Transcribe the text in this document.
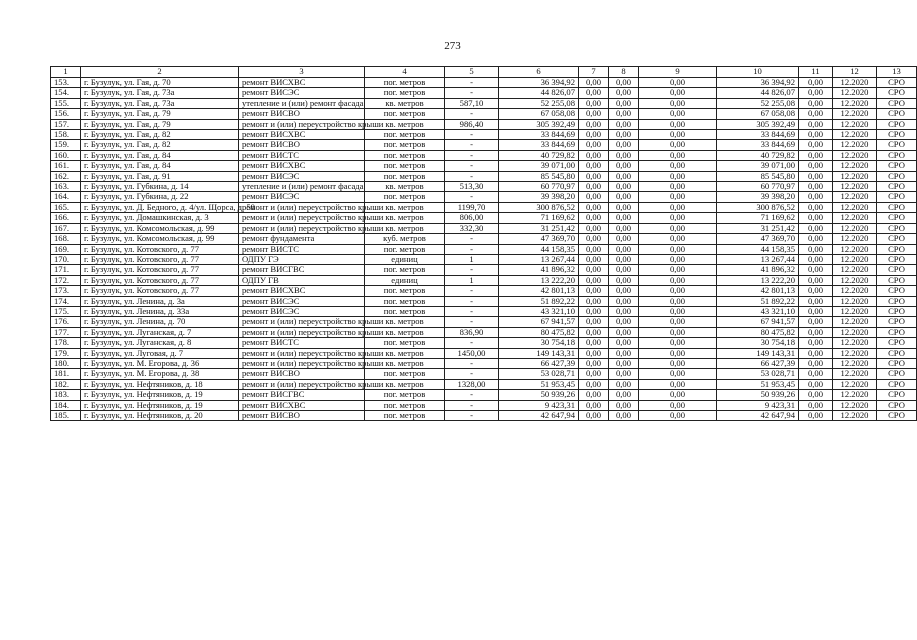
273
1	2	3	4	5	6	7	8	9	10	11	12	13
153.	г. Бузулук, ул. Гая, д. 70	ремонт ВИСХВС	пог. метров	-	36 394,92	0,00	0,00	0,00	36 394,92	0,00	12.2020	СРО
154.	г. Бузулук, ул. Гая, д. 73а	ремонт ВИСЭС	пог. метров	-	44 826,07	0,00	0,00	0,00	44 826,07	0,00	12.2020	СРО
155.	г. Бузулук, ул. Гая, д. 73а	утепление и (или) ремонт фасада	кв. метров	587,10	52 255,08	0,00	0,00	0,00	52 255,08	0,00	12.2020	СРО
156.	г. Бузулук, ул. Гая, д. 79	ремонт ВИСВО	пог. метров	-	67 058,08	0,00	0,00	0,00	67 058,08	0,00	12.2020	СРО
157.	г. Бузулук, ул. Гая, д. 79	ремонт и (или) переустройство крыши	кв. метров	986,40	305 392,49	0,00	0,00	0,00	305 392,49	0,00	12.2020	СРО
158.	г. Бузулук, ул. Гая, д. 82	ремонт ВИСХВС	пог. метров	-	33 844,69	0,00	0,00	0,00	33 844,69	0,00	12.2020	СРО
159.	г. Бузулук, ул. Гая, д. 82	ремонт ВИСВО	пог. метров	-	33 844,69	0,00	0,00	0,00	33 844,69	0,00	12.2020	СРО
160.	г. Бузулук, ул. Гая, д. 84	ремонт ВИСТС	пог. метров	-	40 729,82	0,00	0,00	0,00	40 729,82	0,00	12.2020	СРО
161.	г. Бузулук, ул. Гая, д. 84	ремонт ВИСХВС	пог. метров	-	39 071,00	0,00	0,00	0,00	39 071,00	0,00	12.2020	СРО
162.	г. Бузулук, ул. Гая, д. 91	ремонт ВИСЭС	пог. метров	-	85 545,80	0,00	0,00	0,00	85 545,80	0,00	12.2020	СРО
163.	г. Бузулук, ул. Губкина, д. 14	утепление и (или) ремонт фасада	кв. метров	513,30	60 770,97	0,00	0,00	0,00	60 770,97	0,00	12.2020	СРО
164.	г. Бузулук, ул. Губкина, д. 22	ремонт ВИСЭС	пог. метров	-	39 398,20	0,00	0,00	0,00	39 398,20	0,00	12.2020	СРО
165.	г. Бузулук, ул. Д. Бедного, д. 4/ул. Щорса, д. 58	ремонт и (или) переустройство крыши	кв. метров	1199,70	300 876,52	0,00	0,00	0,00	300 876,52	0,00	12.2020	СРО
166.	г. Бузулук, ул. Домашкинская, д. 3	ремонт и (или) переустройство крыши	кв. метров	806,00	71 169,62	0,00	0,00	0,00	71 169,62	0,00	12.2020	СРО
167.	г. Бузулук, ул. Комсомольская, д. 99	ремонт и (или) переустройство крыши	кв. метров	332,30	31 251,42	0,00	0,00	0,00	31 251,42	0,00	12.2020	СРО
168.	г. Бузулук, ул. Комсомольская, д. 99	ремонт фундамента	куб. метров	-	47 369,70	0,00	0,00	0,00	47 369,70	0,00	12.2020	СРО
169.	г. Бузулук, ул. Котовского, д. 77	ремонт ВИСТС	пог. метров	-	44 158,35	0,00	0,00	0,00	44 158,35	0,00	12.2020	СРО
170.	г. Бузулук, ул. Котовского, д. 77	ОДПУ ГЭ	единиц	1	13 267,44	0,00	0,00	0,00	13 267,44	0,00	12.2020	СРО
171.	г. Бузулук, ул. Котовского, д. 77	ремонт ВИСГВС	пог. метров	-	41 896,32	0,00	0,00	0,00	41 896,32	0,00	12.2020	СРО
172.	г. Бузулук, ул. Котовского, д. 77	ОДПУ ГВ	единиц	1	13 222,20	0,00	0,00	0,00	13 222,20	0,00	12.2020	СРО
173.	г. Бузулук, ул. Котовского, д. 77	ремонт ВИСХВС	пог. метров	-	42 801,13	0,00	0,00	0,00	42 801,13	0,00	12.2020	СРО
174.	г. Бузулук, ул. Ленина, д. 3а	ремонт ВИСЭС	пог. метров	-	51 892,22	0,00	0,00	0,00	51 892,22	0,00	12.2020	СРО
175.	г. Бузулук, ул. Ленина, д. 33а	ремонт ВИСЭС	пог. метров	-	43 321,10	0,00	0,00	0,00	43 321,10	0,00	12.2020	СРО
176.	г. Бузулук, ул. Ленина, д. 70	ремонт и (или) переустройство крыши	кв. метров	-	67 941,57	0,00	0,00	0,00	67 941,57	0,00	12.2020	СРО
177.	г. Бузулук, ул. Луганская, д. 7	ремонт и (или) переустройство крыши	кв. метров	836,90	80 475,82	0,00	0,00	0,00	80 475,82	0,00	12.2020	СРО
178.	г. Бузулук, ул. Луганская, д. 8	ремонт ВИСТС	пог. метров	-	30 754,18	0,00	0,00	0,00	30 754,18	0,00	12.2020	СРО
179.	г. Бузулук, ул. Луговая, д. 7	ремонт и (или) переустройство крыши	кв. метров	1450,00	149 143,31	0,00	0,00	0,00	149 143,31	0,00	12.2020	СРО
180.	г. Бузулук, ул. М. Егорова, д. 36	ремонт и (или) переустройство крыши	кв. метров	-	66 427,39	0,00	0,00	0,00	66 427,39	0,00	12.2020	СРО
181.	г. Бузулук, ул. М. Егорова, д. 38	ремонт ВИСВО	пог. метров	-	53 028,71	0,00	0,00	0,00	53 028,71	0,00	12.2020	СРО
182.	г. Бузулук, ул. Нефтяников, д. 18	ремонт и (или) переустройство крыши	кв. метров	1328,00	51 953,45	0,00	0,00	0,00	51 953,45	0,00	12.2020	СРО
183.	г. Бузулук, ул. Нефтяников, д. 19	ремонт ВИСГВС	пог. метров	-	50 939,26	0,00	0,00	0,00	50 939,26	0,00	12.2020	СРО
184.	г. Бузулук, ул. Нефтяников, д. 19	ремонт ВИСХВС	пог. метров	-	9 423,31	0,00	0,00	0,00	9 423,31	0,00	12.2020	СРО
185.	г. Бузулук, ул. Нефтяников, д. 20	ремонт ВИСВО	пог. метров	-	42 647,94	0,00	0,00	0,00	42 647,94	0,00	12.2020	СРО
